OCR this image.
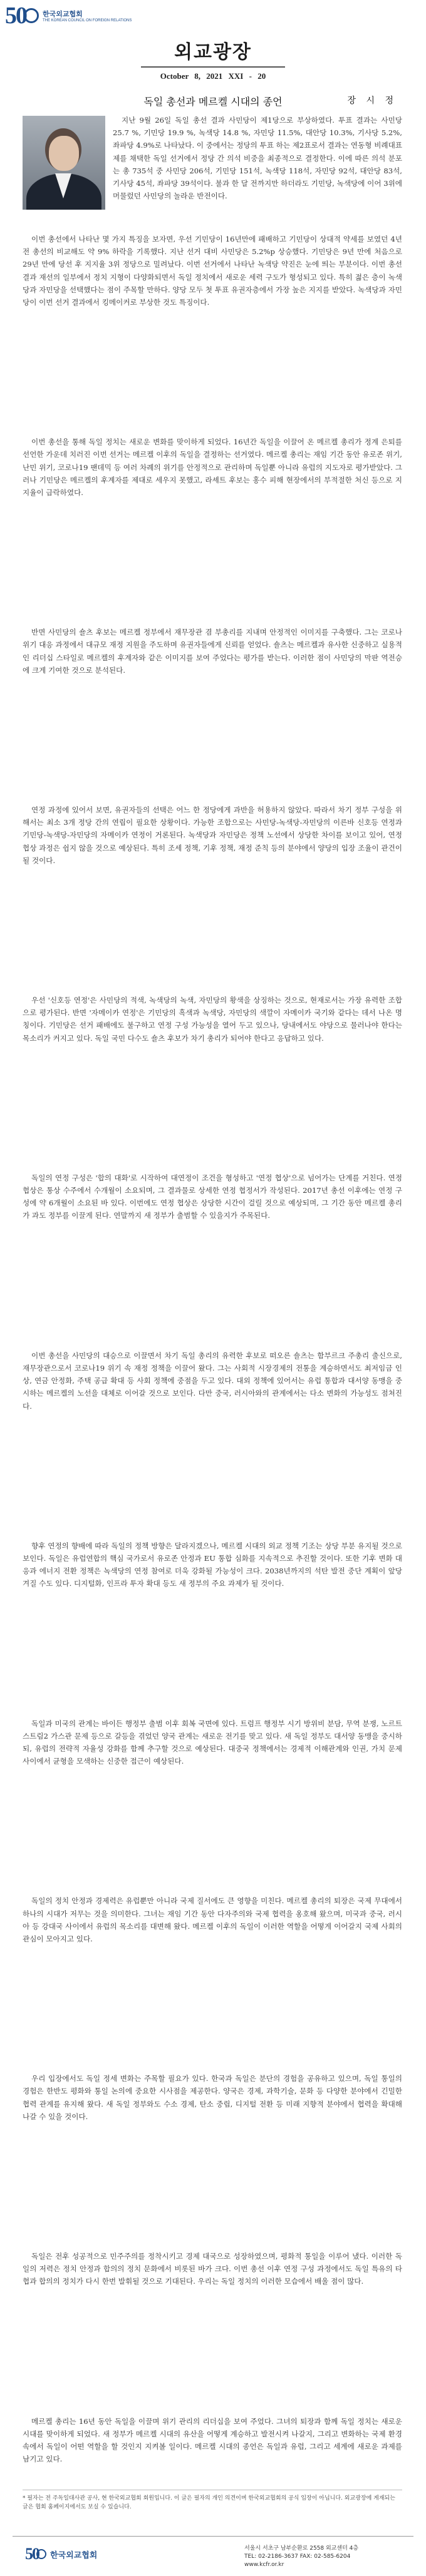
50 한국외교협회
THE KOREAN COUNCIL ON FOREIGN RELATIONS
외교광장
October 8, 2021 XXI - 20
독일 총선과 메르켈 시대의 종언	장 시 정

지난 9월 26일 독일 총선 결과 사민당이 제1당으로 부상하였다. 투표 결과는 사민당 25.7 %, 기민당 19.9 %, 녹색당 14.8 %, 자민당 11.5%, 대안당 10.3%, 기사당 5.2%, 좌파당 4.9%로 나타났다. 이 중에서는 정당의 투표 하는 제2표로서 결과는 연동형 비례대표제를 채택한 독일 선거에서 정당 간 의석 비중을 최종적으로 결정한다. 이에 따른 의석 분포는 총 735석 중 사민당 206석, 기민당 151석, 녹색당 118석, 자민당 92석, 대안당 83석, 기사당 45석, 좌파당 39석이다. 불과 한 달 전까지만 하더라도 기민당, 녹색당에 이어 3위에 머물렀던 사민당의 놀라운 반전이다.

이번 총선에서 나타난 몇 가지 특징을 보자면, 우선 기민당이 16년만에 패배하고 기민당이 상대적 약세를 보였던 4년 전 총선의 비교해도 약 9% 하락을 기록했다. 지난 선거 대비 사민당은 5.2%p 상승했다. 기민당은 9년 만에 처음으로 29년 만에 당선 후 지지율 3위 정당으로 밀려났다. 이번 선거에서 나타난 녹색당 약진은 눈에 띄는 부분이다. 이번 총선 결과 재선의 일부에서 정치 지형이 다양화되면서 독일 정치에서 새로운 세력 구도가 형성되고 있다. 특히 젊은 층이 녹색당과 자민당을 선택했다는 점이 주목할 만하다. 양당 모두 첫 투표 유권자층에서 가장 높은 지지를 받았다. 녹색당과 자민당이 이번 선거 결과에서 킹메이커로 부상한 것도 특징이다.

이번 총선을 통해 독일 정치는 새로운 변화를 맞이하게 되었다. 16년간 독일을 이끌어 온 메르켈 총리가 정계 은퇴를 선언한 가운데 치러진 이번 선거는 메르켈 이후의 독일을 결정하는 선거였다. 메르켈 총리는 재임 기간 동안 유로존 위기, 난민 위기, 코로나19 팬데믹 등 여러 차례의 위기를 안정적으로 관리하며 독일뿐 아니라 유럽의 지도자로 평가받았다. 그러나 기민당은 메르켈의 후계자를 제대로 세우지 못했고, 라셰트 후보는 홍수 피해 현장에서의 부적절한 처신 등으로 지지율이 급락하였다.

반면 사민당의 숄츠 후보는 메르켈 정부에서 재무장관 겸 부총리를 지내며 안정적인 이미지를 구축했다. 그는 코로나 위기 대응 과정에서 대규모 재정 지원을 주도하며 유권자들에게 신뢰를 얻었다. 숄츠는 메르켈과 유사한 신중하고 실용적인 리더십 스타일로 메르켈의 후계자와 같은 이미지를 보여 주었다는 평가를 받는다. 이러한 점이 사민당의 막판 역전승에 크게 기여한 것으로 분석된다.

연정 과정에 있어서 보면, 유권자들의 선택은 어느 한 정당에게 과반을 허용하지 않았다. 따라서 차기 정부 구성을 위해서는 최소 3개 정당 간의 연립이 필요한 상황이다. 가능한 조합으로는 사민당-녹색당-자민당의 이른바 신호등 연정과 기민당-녹색당-자민당의 자메이카 연정이 거론된다. 녹색당과 자민당은 정책 노선에서 상당한 차이를 보이고 있어, 연정 협상 과정은 쉽지 않을 것으로 예상된다. 특히 조세 정책, 기후 정책, 재정 준칙 등의 분야에서 양당의 입장 조율이 관건이 될 것이다.

우선 '신호등 연정'은 사민당의 적색, 녹색당의 녹색, 자민당의 황색을 상징하는 것으로, 현재로서는 가장 유력한 조합으로 평가된다. 반면 '자메이카 연정'은 기민당의 흑색과 녹색당, 자민당의 색깔이 자메이카 국기와 같다는 데서 나온 명칭이다. 기민당은 선거 패배에도 불구하고 연정 구성 가능성을 열어 두고 있으나, 당내에서도 야당으로 물러나야 한다는 목소리가 커지고 있다. 독일 국민 다수도 숄츠 후보가 차기 총리가 되어야 한다고 응답하고 있다.

독일의 연정 구성은 '합의 대화'로 시작하여 대연정이 조건을 형성하고 '연정 협상'으로 넘어가는 단계를 거친다. 연정 협상은 통상 수주에서 수개월이 소요되며, 그 결과물로 상세한 연정 협정서가 작성된다. 2017년 총선 이후에는 연정 구성에 약 6개월이 소요된 바 있다. 이번에도 연정 협상은 상당한 시간이 걸릴 것으로 예상되며, 그 기간 동안 메르켈 총리가 과도 정부를 이끌게 된다. 연말까지 새 정부가 출범할 수 있을지가 주목된다.

이번 총선을 사민당의 대승으로 이끌면서 차기 독일 총리의 유력한 후보로 떠오른 숄츠는 함부르크 주총리 출신으로, 재무장관으로서 코로나19 위기 속 재정 정책을 이끌어 왔다. 그는 사회적 시장경제의 전통을 계승하면서도 최저임금 인상, 연금 안정화, 주택 공급 확대 등 사회 정책에 중점을 두고 있다. 대외 정책에 있어서는 유럽 통합과 대서양 동맹을 중시하는 메르켈의 노선을 대체로 이어갈 것으로 보인다. 다만 중국, 러시아와의 관계에서는 다소 변화의 가능성도 점쳐진다.

향후 연정의 향배에 따라 독일의 정책 방향은 달라지겠으나, 메르켈 시대의 외교 정책 기조는 상당 부분 유지될 것으로 보인다. 독일은 유럽연합의 핵심 국가로서 유로존 안정과 EU 통합 심화를 지속적으로 추진할 것이다. 또한 기후 변화 대응과 에너지 전환 정책은 녹색당의 연정 참여로 더욱 강화될 가능성이 크다. 2038년까지의 석탄 발전 중단 계획이 앞당겨질 수도 있다. 디지털화, 인프라 투자 확대 등도 새 정부의 주요 과제가 될 것이다.

독일과 미국의 관계는 바이든 행정부 출범 이후 회복 국면에 있다. 트럼프 행정부 시기 방위비 분담, 무역 분쟁, 노르트스트림2 가스관 문제 등으로 갈등을 겪었던 양국 관계는 새로운 전기를 맞고 있다. 새 독일 정부도 대서양 동맹을 중시하되, 유럽의 전략적 자율성 강화를 함께 추구할 것으로 예상된다. 대중국 정책에서는 경제적 이해관계와 인권, 가치 문제 사이에서 균형을 모색하는 신중한 접근이 예상된다.

독일의 정치 안정과 경제력은 유럽뿐만 아니라 국제 질서에도 큰 영향을 미친다. 메르켈 총리의 퇴장은 국제 무대에서 하나의 시대가 저무는 것을 의미한다. 그녀는 재임 기간 동안 다자주의와 국제 협력을 옹호해 왔으며, 미국과 중국, 러시아 등 강대국 사이에서 유럽의 목소리를 대변해 왔다. 메르켈 이후의 독일이 이러한 역할을 어떻게 이어갈지 국제 사회의 관심이 모아지고 있다.

우리 입장에서도 독일 정세 변화는 주목할 필요가 있다. 한국과 독일은 분단의 경험을 공유하고 있으며, 독일 통일의 경험은 한반도 평화와 통일 논의에 중요한 시사점을 제공한다. 양국은 경제, 과학기술, 문화 등 다양한 분야에서 긴밀한 협력 관계를 유지해 왔다. 새 독일 정부와도 수소 경제, 탄소 중립, 디지털 전환 등 미래 지향적 분야에서 협력을 확대해 나갈 수 있을 것이다.

독일은 전후 성공적으로 민주주의를 정착시키고 경제 대국으로 성장하였으며, 평화적 통일을 이루어 냈다. 이러한 독일의 저력은 정치 안정과 합의의 정치 문화에서 비롯된 바가 크다. 이번 총선 이후 연정 구성 과정에서도 독일 특유의 타협과 합의의 정치가 다시 한번 발휘될 것으로 기대된다. 우리는 독일 정치의 이러한 모습에서 배울 점이 많다.

메르켈 총리는 16년 동안 독일을 이끌며 위기 관리의 리더십을 보여 주었다. 그녀의 퇴장과 함께 독일 정치는 새로운 시대를 맞이하게 되었다. 새 정부가 메르켈 시대의 유산을 어떻게 계승하고 발전시켜 나갈지, 그리고 변화하는 국제 환경 속에서 독일이 어떤 역할을 할 것인지 지켜볼 일이다. 메르켈 시대의 종언은 독일과 유럽, 그리고 세계에 새로운 과제를 남기고 있다.

* 필자는 전 주독일대사관 공사, 현 한국외교협회 회원입니다. 이 글은 필자의 개인 의견이며 한국외교협회의 공식 입장이 아닙니다. 외교광장에 게재되는 글은 협회 홈페이지에서도 보실 수 있습니다.
50 한국외교협회
서울시 서초구 남부순환로 2558 외교센터 4층
TEL: 02-2186-3637 FAX: 02-585-6204
www.kcfr.or.kr
